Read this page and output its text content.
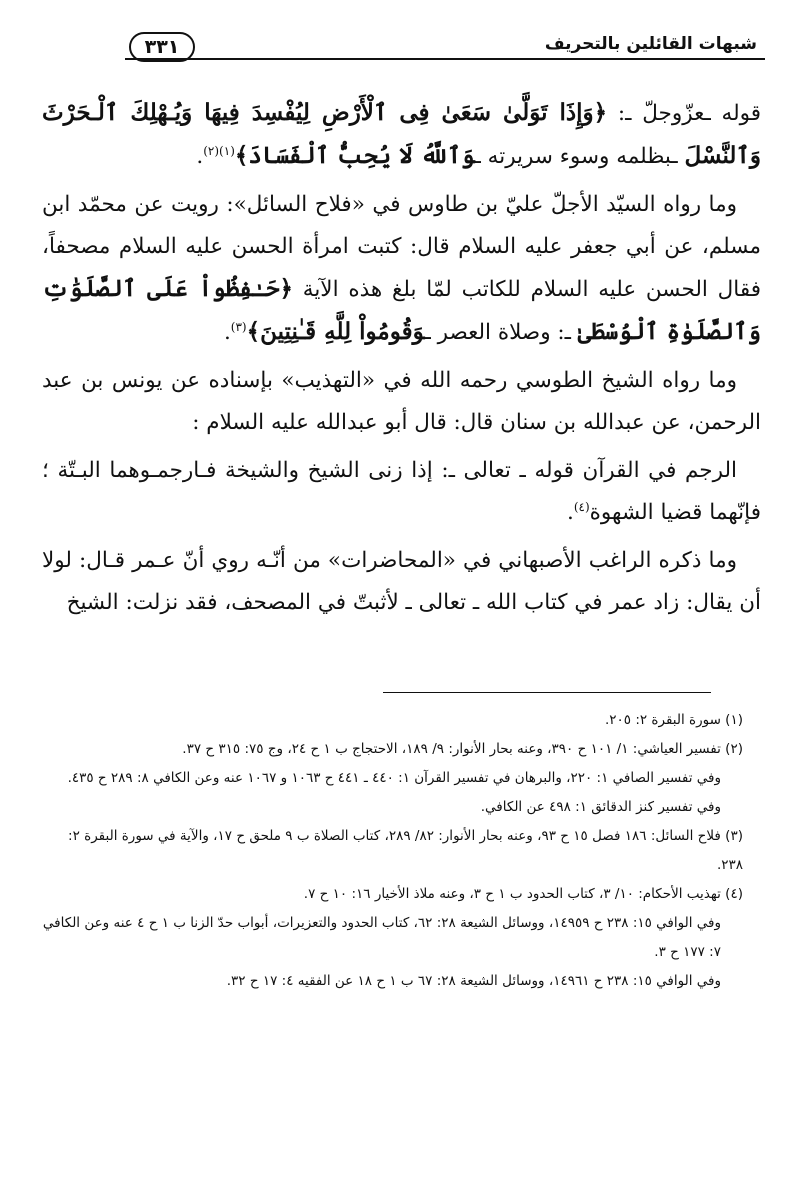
شبهات القائلين بالتحريف
٣٣١

قوله ـعزّوجلّ ـ: ﴿وَإِذَا تَوَلَّىٰ سَعَىٰ فِى ٱلْأَرْضِ لِيُفْسِدَ فِيهَا وَيُـهْلِكَ ٱلْـحَرْثَ وَٱلنَّسْلَ ـبظلمه وسوء سريرته ـوَٱللَّهُ لَا يُحِبُّ ٱلْفَسَادَ﴾$^{(١)(٢)}$.

وما رواه السيّد الأجلّ عليّ بن طاوس في «فلاح السائل»: رويت عن محمّد ابن مسلم، عن أبي جعفر عليه السلام قال: كتبت امرأة الحسن عليه السلام مصحفاً، فقال الحسن عليه السلام للكاتب لمّا بلغ هذه الآية ﴿حَـٰفِظُواْ عَلَى ٱلصَّلَوَٰتِ وَٱلصَّلَوٰةِ ٱلْوُسْطَىٰ ـ: وصلاة العصر ـوَقُومُواْ لِلَّهِ قَـٰنِتِينَ﴾$^{(٣)}$.

وما رواه الشيخ الطوسي رحمه الله في «التهذيب» بإسناده عن يونس بن عبد الرحمن، عن عبدالله بن سنان قال: قال أبو عبدالله عليه السلام :

الرجم في القرآن قوله ـ تعالى ـ: إذا زنى الشيخ والشيخة فـارجمـوهما البـتّة ؛ فإنّهما قضيا الشهوة$^{(٤)}$.

وما ذكره الراغب الأصبهاني في «المحاضرات» من أنّـه روي أنّ عـمر قـال: لولا أن يقال: زاد عمر في كتاب الله ـ تعالى ـ لأثبتّ في المصحف، فقد نزلت: الشيخ

(١) سورة البقرة ٢: ٢٠٥.

(٢) تفسير العياشي: ١/ ١٠١ ح ٣٩٠، وعنه بحار الأنوار: ٩/ ١٨٩، الاحتجاج ب ١ ح ٢٤، وج ٧٥: ٣١٥ ح ٣٧.
وفي تفسير الصافي ١: ٢٢٠، والبرهان في تفسير القرآن ١: ٤٤٠ ـ ٤٤١ ح ١٠٦٣ و ١٠٦٧ عنه وعن الكافي ٨: ٢٨٩ ح ٤٣٥.
وفي تفسير كنز الدقائق ١: ٤٩٨ عن الكافي.

(٣) فلاح السائل: ١٨٦ فصل ١٥ ح ٩٣، وعنه بحار الأنوار: ٨٢/ ٢٨٩، كتاب الصلاة ب ٩ ملحق ح ١٧، والآية في سورة البقرة ٢: ٢٣٨.

(٤) تهذيب الأحكام: ١٠/ ٣، كتاب الحدود ب ١ ح ٣، وعنه ملاذ الأخيار ١٦: ١٠ ح ٧.
وفي الوافي ١٥: ٢٣٨ ح ١٤٩٥٩، ووسائل الشيعة ٢٨: ٦٢، كتاب الحدود والتعزيرات، أبواب حدّ الزنا ب ١ ح ٤ عنه وعن الكافي ٧: ١٧٧ ح ٣.
وفي الوافي ١٥: ٢٣٨ ح ١٤٩٦١، ووسائل الشيعة ٢٨: ٦٧ ب ١ ح ١٨ عن الفقيه ٤: ١٧ ح ٣٢.
